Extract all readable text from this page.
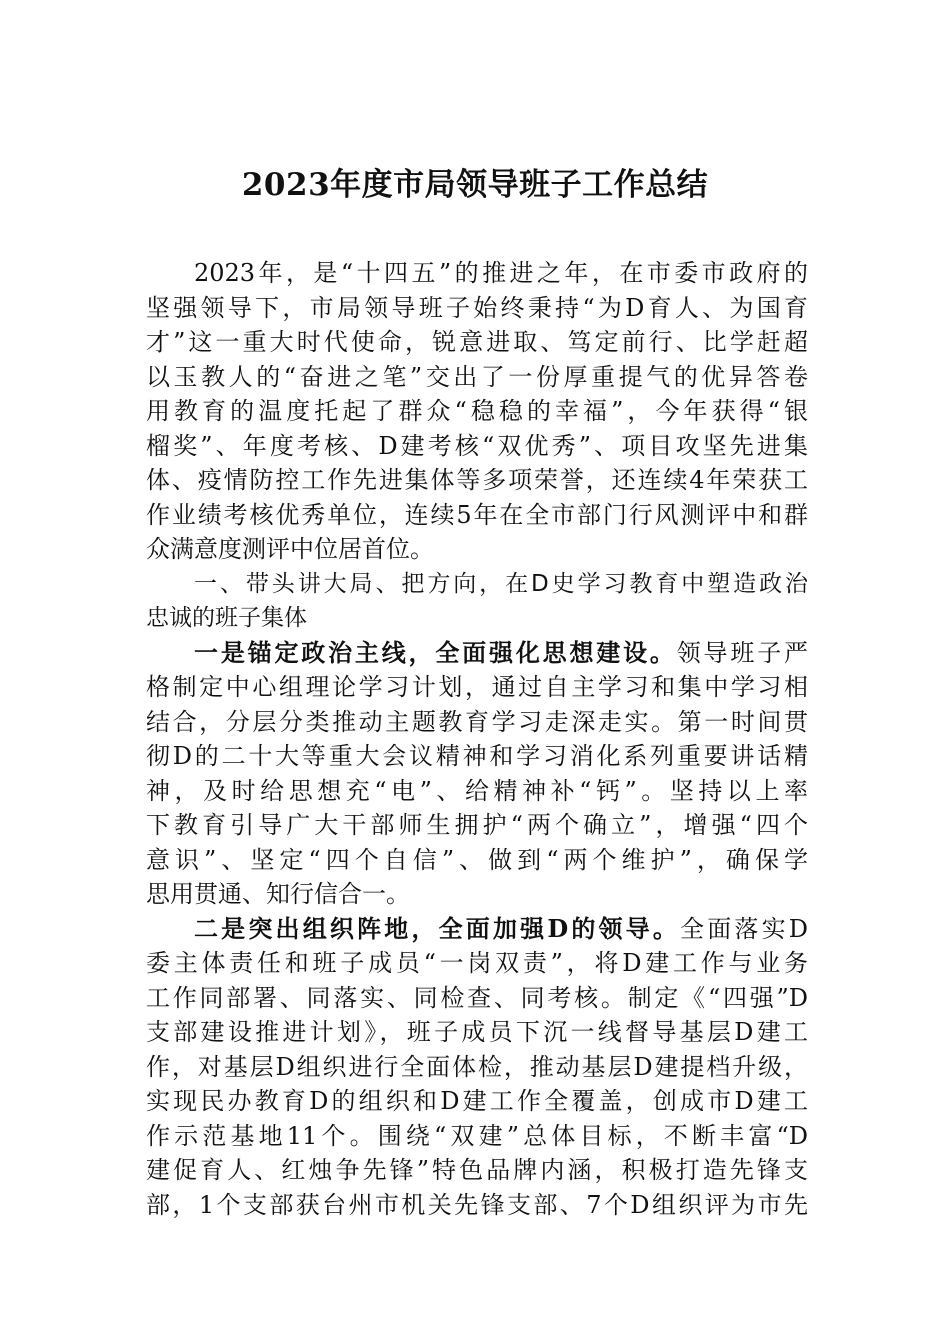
2023年度市局领导班子工作总结
2023年，是“十四五”的推进之年，在市委市政府的
坚强领导下，市局领导班子始终秉持“为D育人、为国育
才”这一重大时代使命，锐意进取、笃定前行、比学赶超
以玉教人的“奋进之笔”交出了一份厚重提气的优异答卷
用教育的温度托起了群众“稳稳的幸福”，今年获得“银
榴奖”、年度考核、D建考核“双优秀”、项目攻坚先进集
体、疫情防控工作先进集体等多项荣誉，还连续4年荣获工
作业绩考核优秀单位，连续5年在全市部门行风测评中和群
众满意度测评中位居首位。
一、带头讲大局、把方向，在D史学习教育中塑造政治
忠诚的班子集体
一是锚定政治主线，全面强化思想建设。领导班子严
格制定中心组理论学习计划，通过自主学习和集中学习相
结合，分层分类推动主题教育学习走深走实。第一时间贯
彻D的二十大等重大会议精神和学习消化系列重要讲话精
神，及时给思想充“电”、给精神补“钙”。坚持以上率
下教育引导广大干部师生拥护“两个确立”，增强“四个
意识”、坚定“四个自信”、做到“两个维护”，确保学
思用贯通、知行信合一。
二是突出组织阵地，全面加强D的领导。全面落实D
委主体责任和班子成员“一岗双责”，将D建工作与业务
工作同部署、同落实、同检查、同考核。制定《“四强”D
支部建设推进计划》，班子成员下沉一线督导基层D建工
作，对基层D组织进行全面体检，推动基层D建提档升级，
实现民办教育D的组织和D建工作全覆盖，创成市D建工
作示范基地11个。围绕“双建”总体目标，不断丰富“D
建促育人、红烛争先锋”特色品牌内涵，积极打造先锋支
部，1个支部获台州市机关先锋支部、7个D组织评为市先
